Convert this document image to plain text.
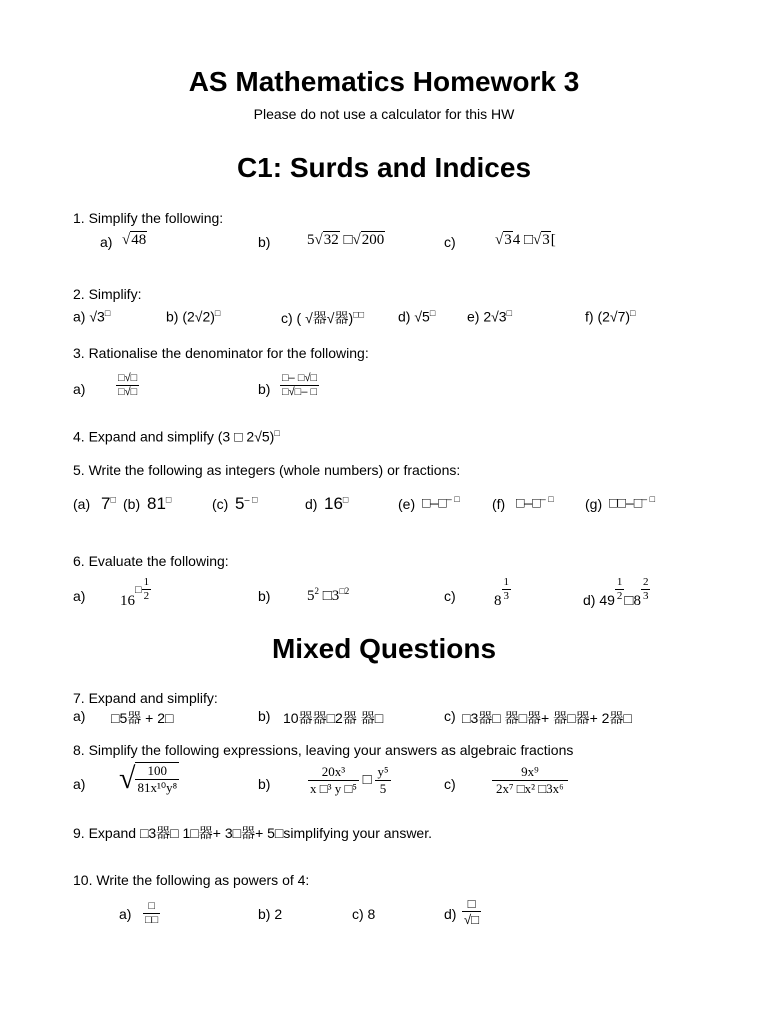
AS Mathematics Homework 3
Please do not use a calculator for this HW
C1: Surds and Indices
1. Simplify the following:
a) √48	b) 5√32 □√200	c)	√34 □√3[
2. Simplify:
a) √3□	b) (2√2)□	c) ( √器√器)□□ d) √5□ e) 2√3□	f) (2√7)□
3. Rationalise the denominator for the following:
a)	$\frac{□√□}{□√□}$	$b) \frac{□- □√□}{□√□- □}$
4. Expand and simplify (3 □ 2√5)□
5. Write the following as integers (whole numbers) or fractions:
(a) 7□ (b) 81□	(c) 5– □	d) 16□	(e) □–□– □ (f) □–□– □ (g) □□–□– □
6. Evaluate the following:
a) 16□ $\frac{1}{2}$	b) $5^2$ $□3^{□2}$	c)	$8 \frac{1}{3}$	d) $49 \frac{1}{2}$ □8 $\frac{2}{3}$
Mixed Questions
7. Expand and simplify:
a) □5器 + 2□	b) 10器器□2器 器□	c) □3器□ 器□器+ 器□器+ 2器□
8. Simplify the following expressions, leaving your answers as algebraic fractions
a) √ $\frac{100}{\text{81x¹⁰y⁸}}$	b)	$\frac{\text{20x³}}{\text{x □³ y □⁵}}$ □ $\frac{\text{y⁵}}{5}$	c)	$\frac{\text{9x⁹}}{\text{2x⁷ □x² □3x⁶}}$
9. Expand □3器□ 1□器+ 3□器+ 5□simplifying your answer.
10. Write the following as powers of 4:
$a) \frac{□}{□□}$	b) 2	c) 8	$d) \frac{□}{√□}$
